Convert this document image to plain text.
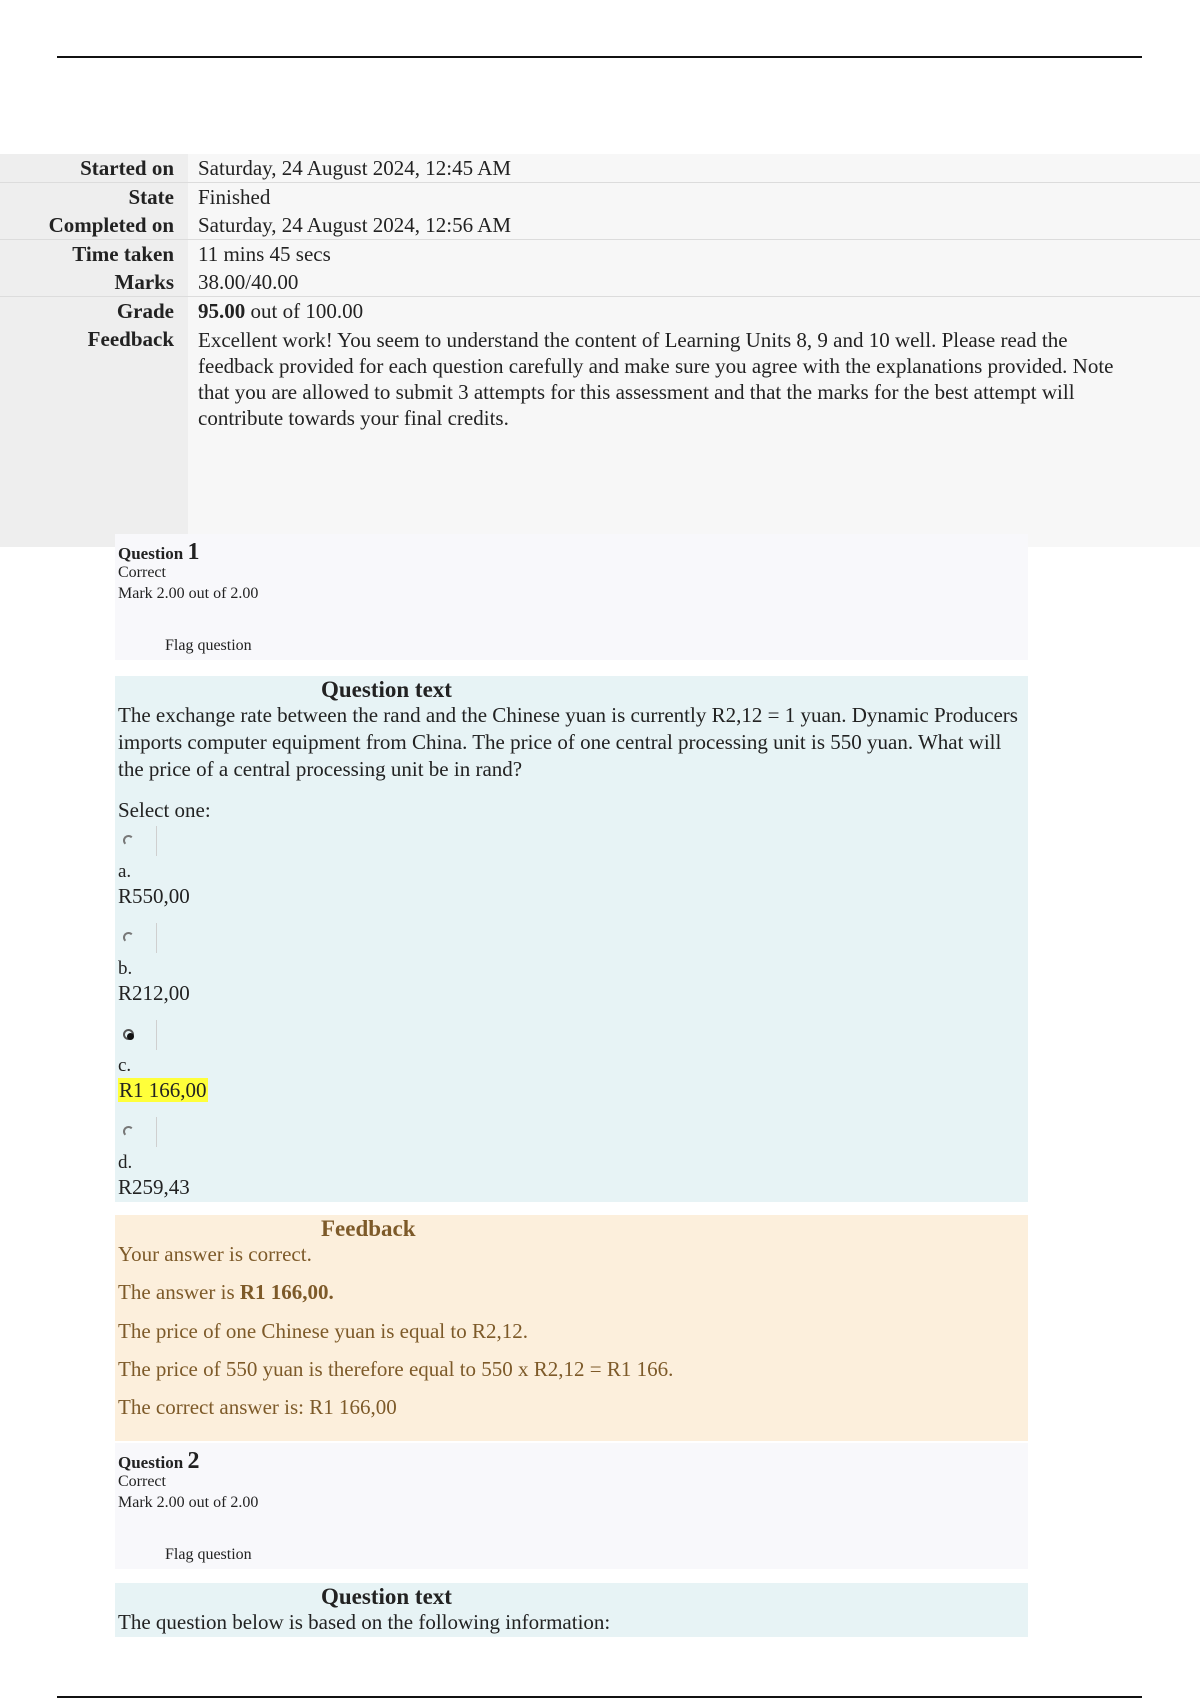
Started on	Saturday, 24 August 2024, 12:45 AM
State	Finished
Completed on	Saturday, 24 August 2024, 12:56 AM
Time taken	11 mins 45 secs
Marks	38.00/40.00
Grade	95.00 out of 100.00
Feedback	Excellent work! You seem to understand the content of Learning Units 8, 9 and 10 well. Please read the feedback provided for each question carefully and make sure you agree with the explanations provided. Note that you are allowed to submit 3 attempts for this assessment and that the marks for the best attempt will contribute towards your final credits.
Question 1
Correct
Mark 2.00 out of 2.00
Flag question
Question text
The exchange rate between the rand and the Chinese yuan is currently R2,12 = 1 yuan. Dynamic Producers imports computer equipment from China. The price of one central processing unit is 550 yuan. What will the price of a central processing unit be in rand?
Select one:
a.
R550,00
b.
R212,00
c.
R1 166,00
d.
R259,43
Feedback

Your answer is correct.

The answer is R1 166,00.

The price of one Chinese yuan is equal to R2,12.

The price of 550 yuan is therefore equal to 550 x R2,12 = R1 166.

The correct answer is: R1 166,00

Question 2
Correct
Mark 2.00 out of 2.00
Flag question
Question text
The question below is based on the following information:
